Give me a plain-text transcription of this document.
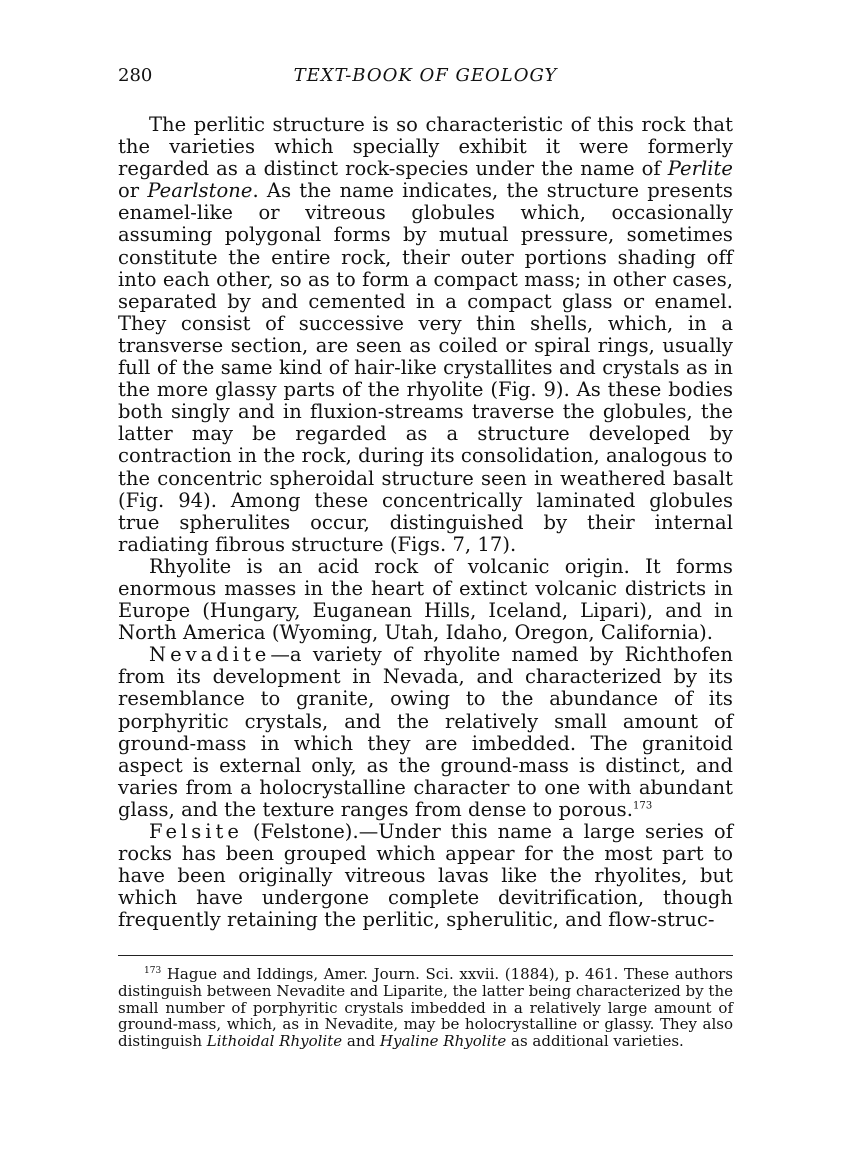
280	TEXT-BOOK OF GEOLOGY

The perlitic structure is so characteristic of this rock that the varieties which specially exhibit it were formerly regarded as a distinct rock-species under the name of Perlite or Pearlstone. As the name indicates, the structure presents enamel-like or vitreous globules which, occasionally assuming polygonal forms by mutual pressure, sometimes constitute the entire rock, their outer portions shading off into each other, so as to form a compact mass; in other cases, separated by and cemented in a compact glass or enamel. They consist of successive very thin shells, which, in a transverse section, are seen as coiled or spiral rings, usually full of the same kind of hair-like crystallites and crystals as in the more glassy parts of the rhyolite (Fig. 9). As these bodies both singly and in fluxion-streams traverse the globules, the latter may be regarded as a structure developed by contraction in the rock, during its consolidation, analogous to the concentric spheroidal structure seen in weathered basalt (Fig. 94). Among these concentrically laminated globules true spherulites occur, distinguished by their internal radiating fibrous structure (Figs. 7, 17).

Rhyolite is an acid rock of volcanic origin. It forms enormous masses in the heart of extinct volcanic districts in Europe (Hungary, Euganean Hills, Iceland, Lipari), and in North America (Wyoming, Utah, Idaho, Oregon, California).

Nevadite—a variety of rhyolite named by Richthofen from its development in Nevada, and characterized by its resemblance to granite, owing to the abundance of its porphyritic crystals, and the relatively small amount of ground-mass in which they are imbedded. The granitoid aspect is external only, as the ground-mass is distinct, and varies from a holocrystalline character to one with abundant glass, and the texture ranges from dense to porous.$^{173}$

Felsite (Felstone).—Under this name a large series of rocks has been grouped which appear for the most part to have been originally vitreous lavas like the rhyolites, but which have undergone complete devitrification, though frequently retaining the perlitic, spherulitic, and flow-struc-

$^{173}$ Hague and Iddings, Amer. Journ. Sci. xxvii. (1884), p. 461. These authors distinguish between Nevadite and Liparite, the latter being characterized by the small number of porphyritic crystals imbedded in a relatively large amount of ground-mass, which, as in Nevadite, may be holocrystalline or glassy. They also distinguish Lithoidal Rhyolite and Hyaline Rhyolite as additional varieties.
